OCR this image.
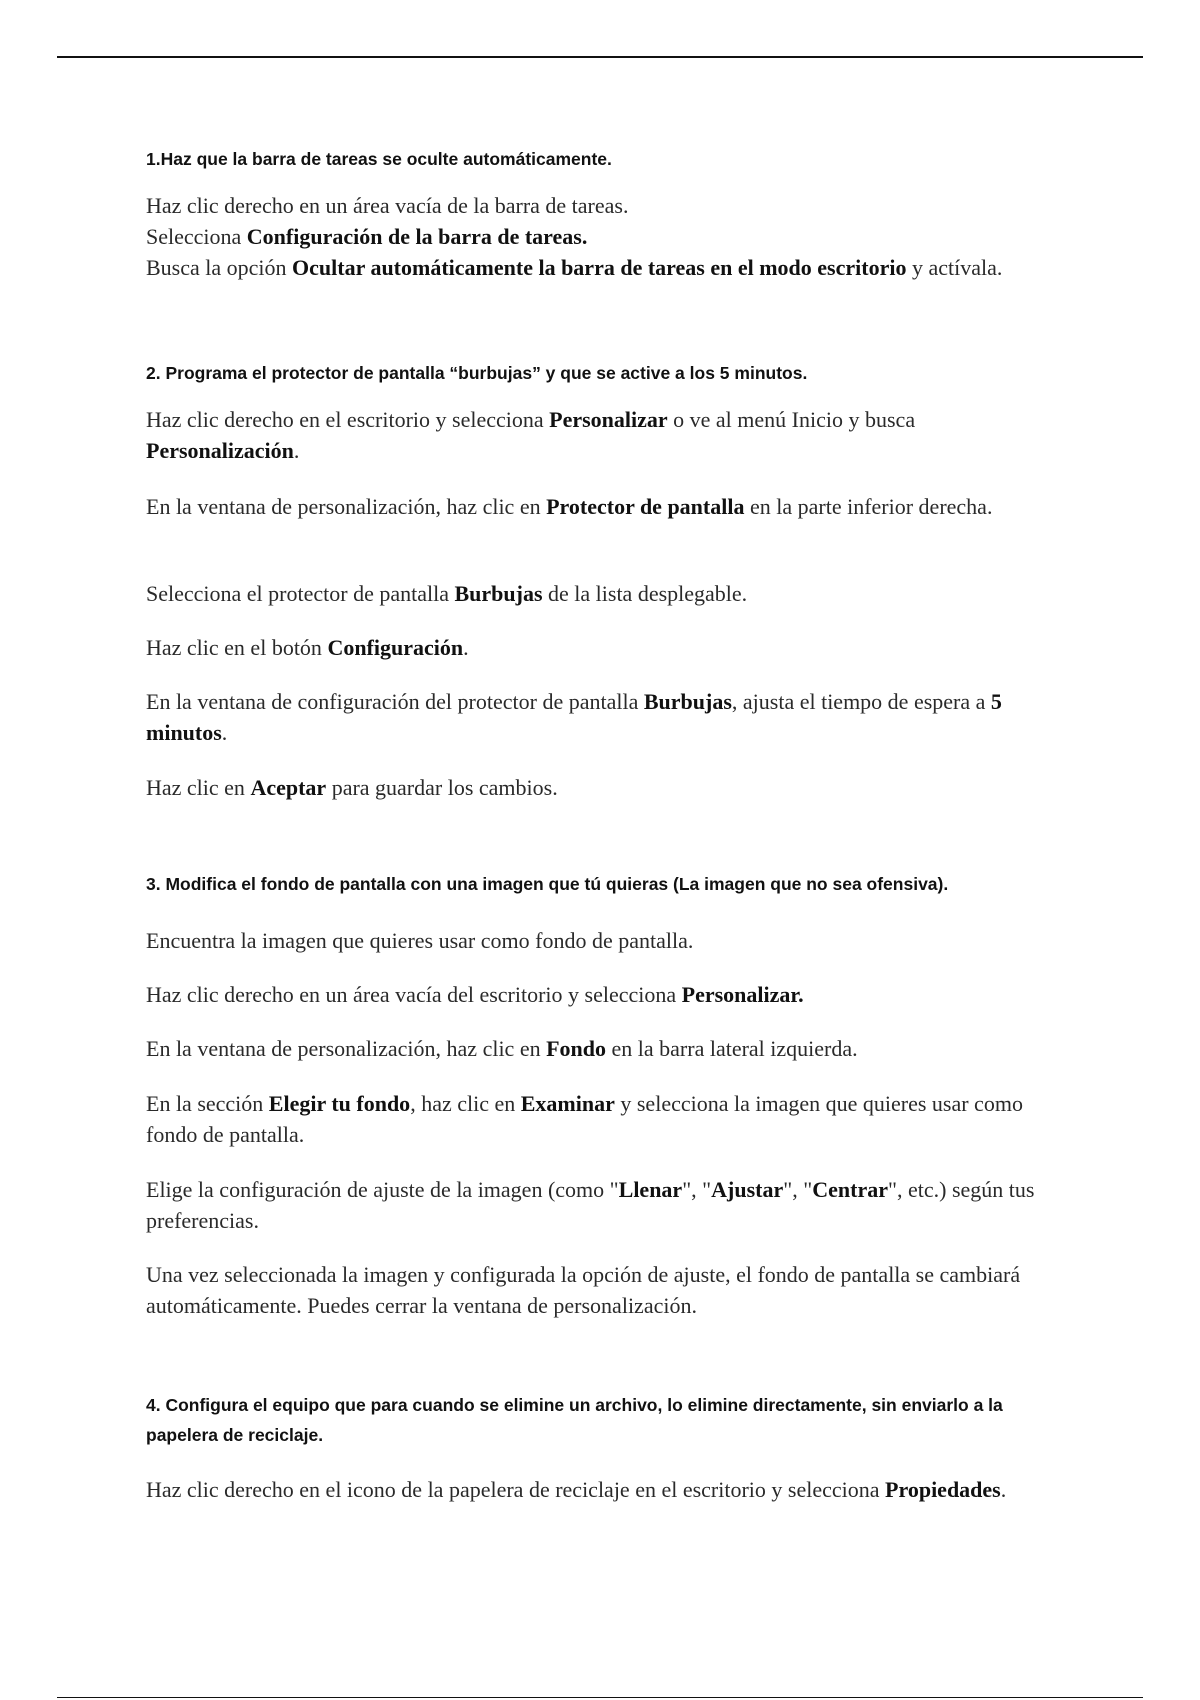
1.Haz que la barra de tareas se oculte automáticamente.
Haz clic derecho en un área vacía de la barra de tareas.
Selecciona Configuración de la barra de tareas.
Busca la opción Ocultar automáticamente la barra de tareas en el modo escritorio y actívala.
2. Programa el protector de pantalla “burbujas” y que se active a los 5 minutos.
Haz clic derecho en el escritorio y selecciona Personalizar o ve al menú Inicio y busca Personalización.
En la ventana de personalización, haz clic en Protector de pantalla en la parte inferior derecha.
Selecciona el protector de pantalla Burbujas de la lista desplegable.
Haz clic en el botón Configuración.
En la ventana de configuración del protector de pantalla Burbujas, ajusta el tiempo de espera a 5 minutos.
Haz clic en Aceptar para guardar los cambios.
3. Modifica el fondo de pantalla con una imagen que tú quieras (La imagen que no sea ofensiva).
Encuentra la imagen que quieres usar como fondo de pantalla.
Haz clic derecho en un área vacía del escritorio y selecciona Personalizar.
En la ventana de personalización, haz clic en Fondo en la barra lateral izquierda.
En la sección Elegir tu fondo, haz clic en Examinar y selecciona la imagen que quieres usar como fondo de pantalla.
Elige la configuración de ajuste de la imagen (como "Llenar", "Ajustar", "Centrar", etc.) según tus preferencias.
Una vez seleccionada la imagen y configurada la opción de ajuste, el fondo de pantalla se cambiará automáticamente. Puedes cerrar la ventana de personalización.
4. Configura el equipo que para cuando se elimine un archivo, lo elimine directamente, sin enviarlo a la papelera de reciclaje.
Haz clic derecho en el icono de la papelera de reciclaje en el escritorio y selecciona Propiedades.
